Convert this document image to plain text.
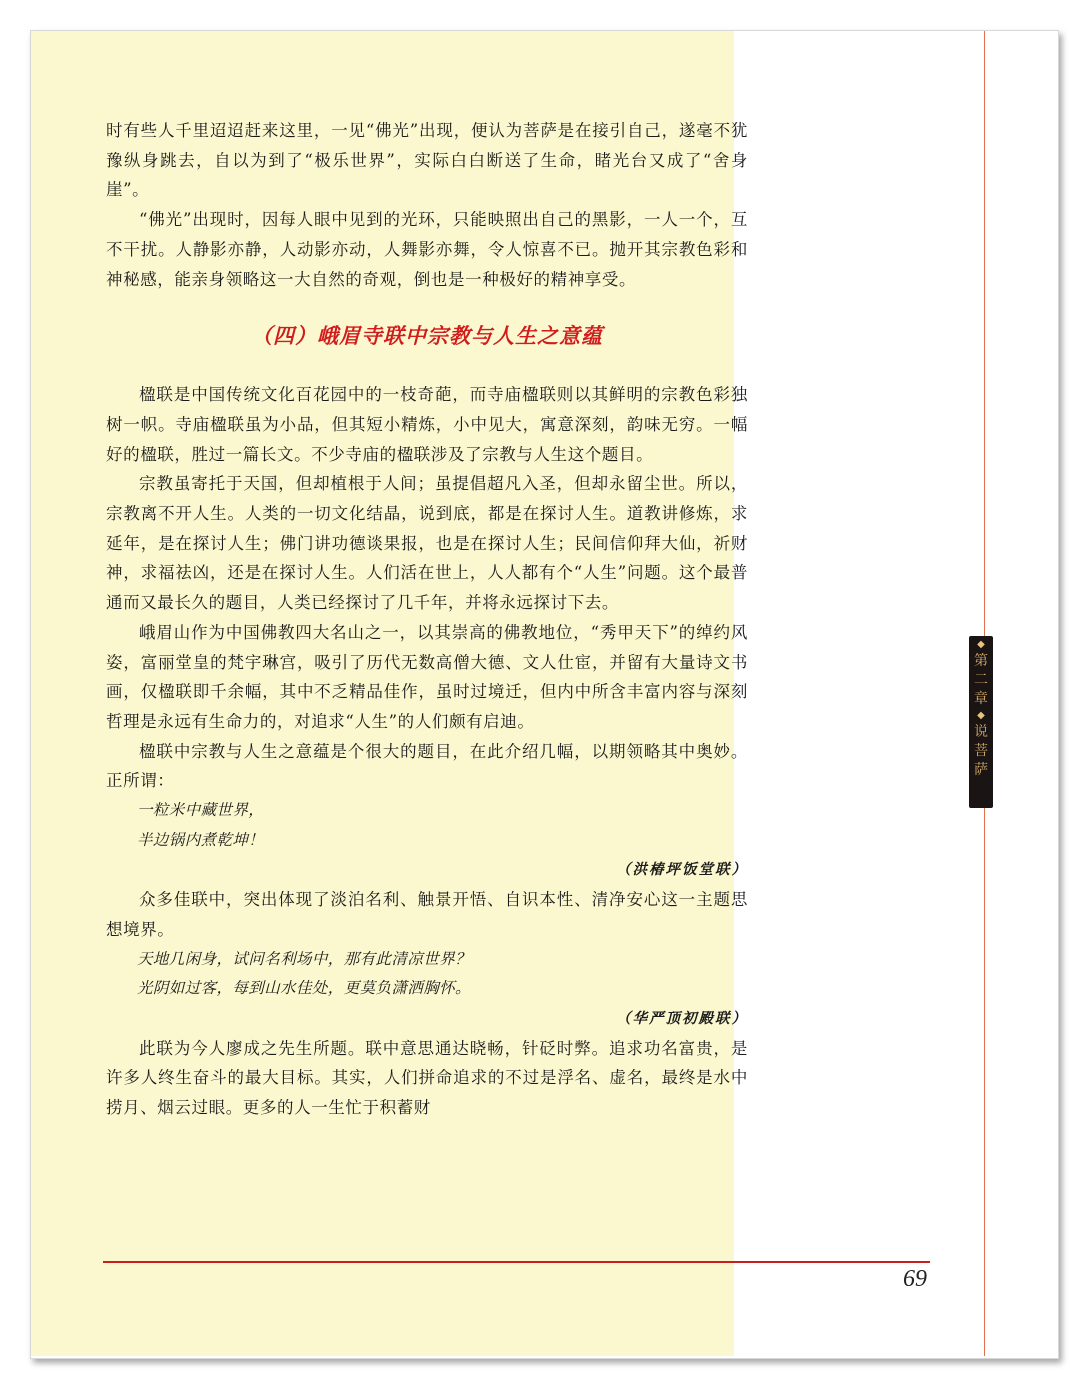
时有些人千里迢迢赶来这里，一见“佛光”出现，便认为菩萨是在接引自己，遂毫不犹豫纵身跳去，自以为到了“极乐世界”，实际白白断送了生命，睹光台又成了“舍身崖”。

“佛光”出现时，因每人眼中见到的光环，只能映照出自己的黑影，一人一个，互不干扰。人静影亦静，人动影亦动，人舞影亦舞，令人惊喜不已。抛开其宗教色彩和神秘感，能亲身领略这一大自然的奇观，倒也是一种极好的精神享受。

（四）峨眉寺联中宗教与人生之意蕴

楹联是中国传统文化百花园中的一枝奇葩，而寺庙楹联则以其鲜明的宗教色彩独树一帜。寺庙楹联虽为小品，但其短小精炼，小中见大，寓意深刻，韵味无穷。一幅好的楹联，胜过一篇长文。不少寺庙的楹联涉及了宗教与人生这个题目。

宗教虽寄托于天国，但却植根于人间；虽提倡超凡入圣，但却永留尘世。所以，宗教离不开人生。人类的一切文化结晶，说到底，都是在探讨人生。道教讲修炼，求延年，是在探讨人生；佛门讲功德谈果报，也是在探讨人生；民间信仰拜大仙，祈财神，求福祛凶，还是在探讨人生。人们活在世上，人人都有个“人生”问题。这个最普通而又最长久的题目，人类已经探讨了几千年，并将永远探讨下去。

峨眉山作为中国佛教四大名山之一，以其崇高的佛教地位，“秀甲天下”的绰约风姿，富丽堂皇的梵宇琳宫，吸引了历代无数高僧大德、文人仕宦，并留有大量诗文书画，仅楹联即千余幅，其中不乏精品佳作，虽时过境迁，但内中所含丰富内容与深刻哲理是永远有生命力的，对追求“人生”的人们颇有启迪。

楹联中宗教与人生之意蕴是个很大的题目，在此介绍几幅，以期领略其中奥妙。正所谓：

一粒米中藏世界，

半边锅内煮乾坤！

（洪椿坪饭堂联）

众多佳联中，突出体现了淡泊名利、触景开悟、自识本性、清净安心这一主题思想境界。

天地几闲身，试问名利场中，那有此清凉世界？

光阴如过客，每到山水佳处，更莫负潇洒胸怀。

（华严顶初殿联）

此联为今人廖成之先生所题。联中意思通达晓畅，针砭时弊。追求功名富贵，是许多人终生奋斗的最大目标。其实，人们拼命追求的不过是浮名、虚名，最终是水中捞月、烟云过眼。更多的人一生忙于积蓄财

69
◆
第
二
章
◆
说
菩
萨
